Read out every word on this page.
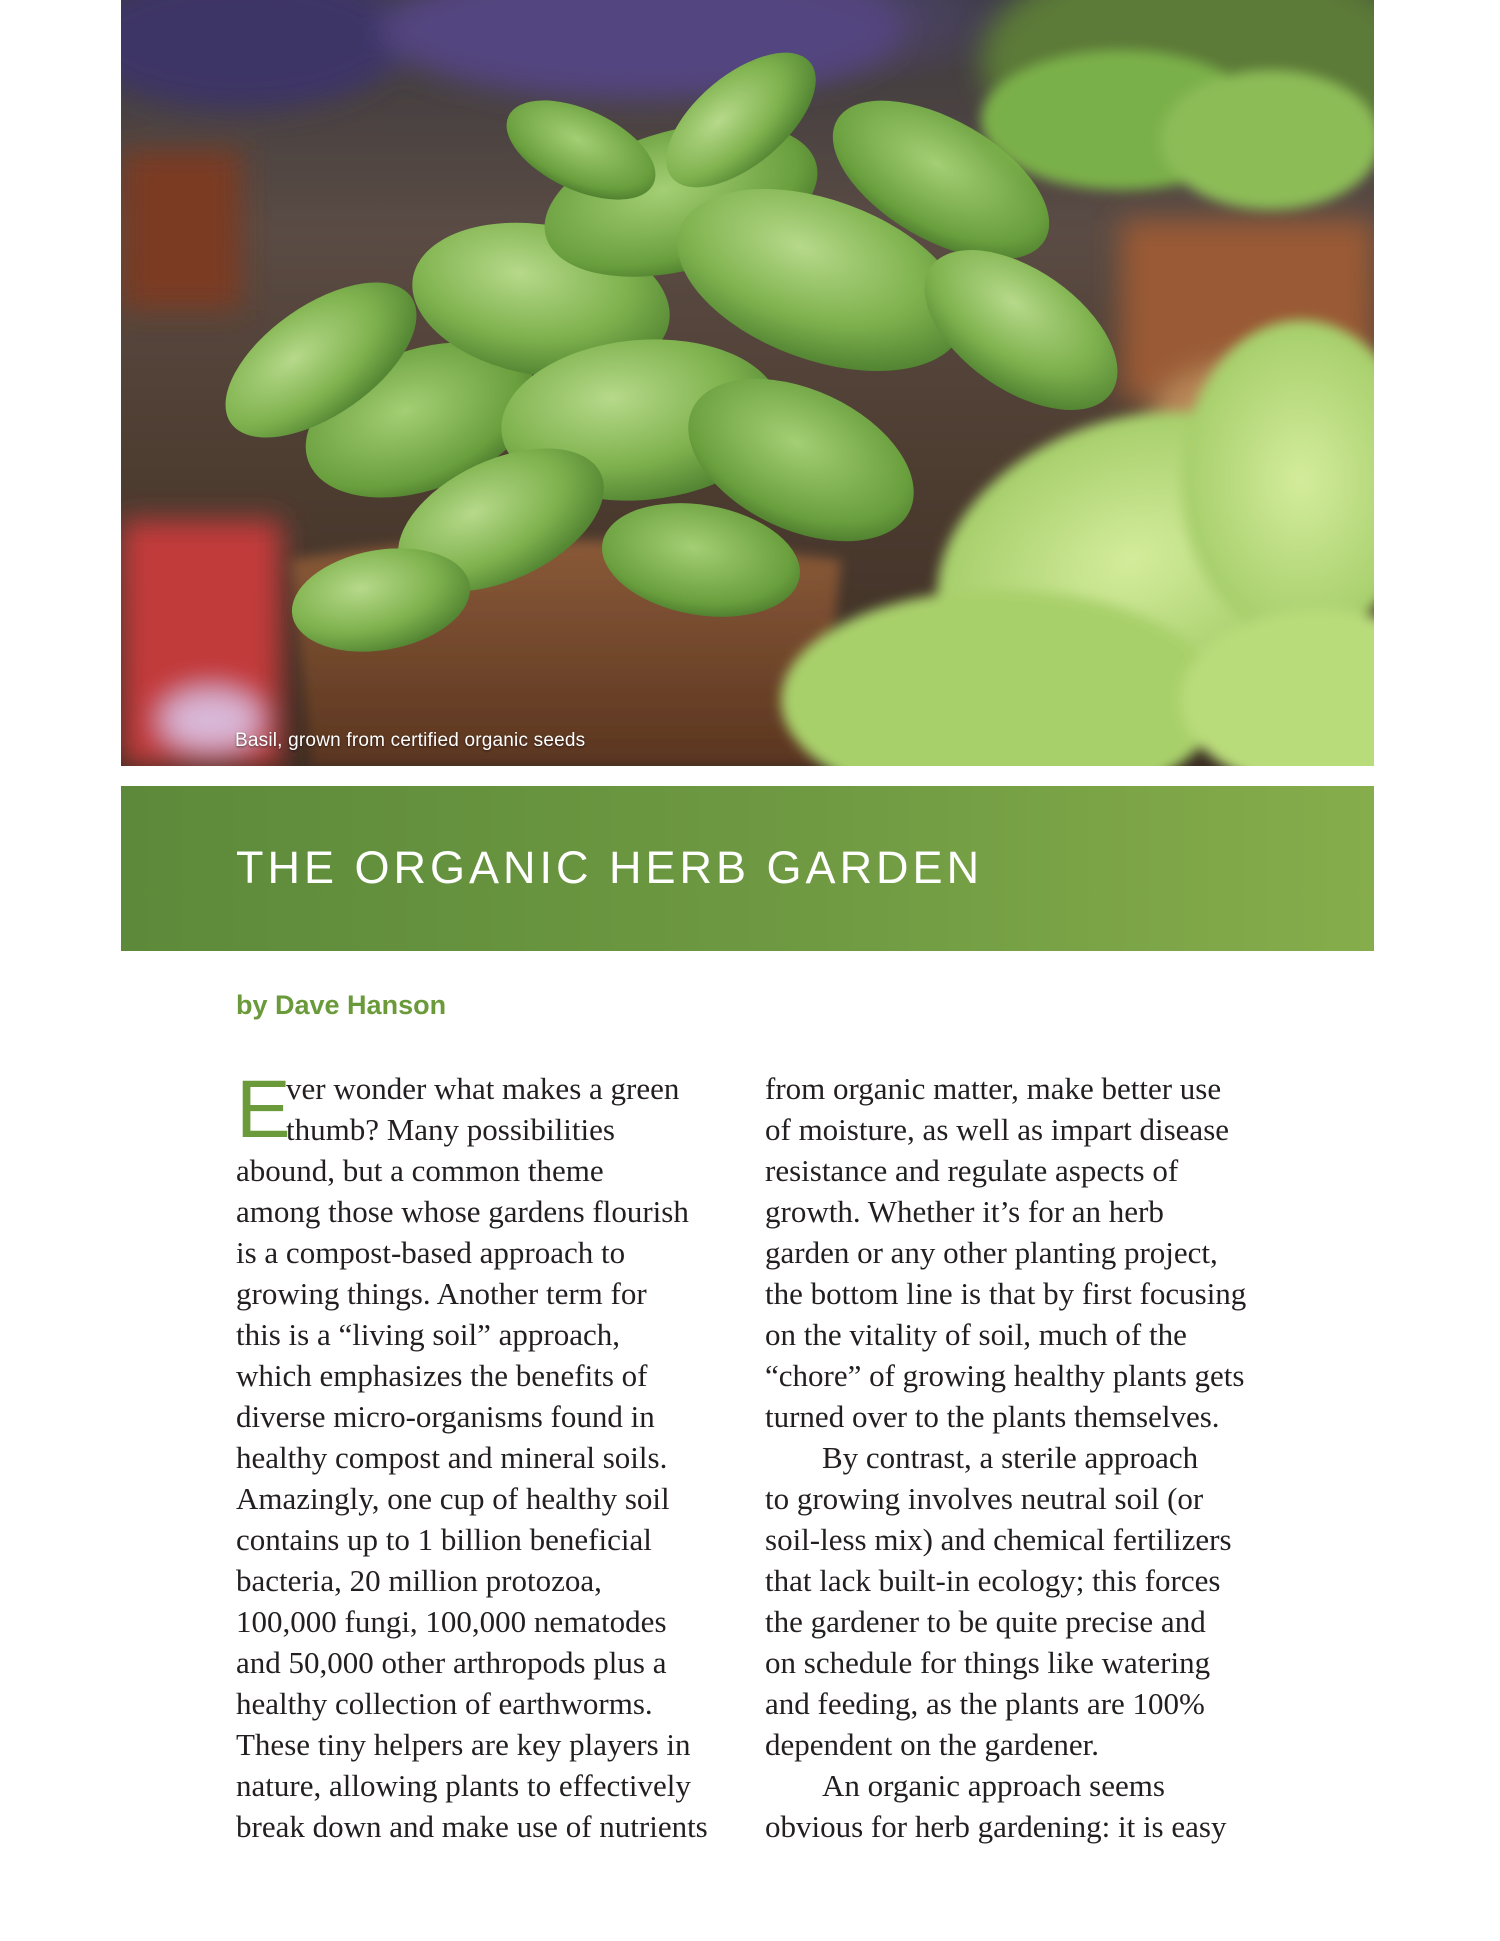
Basil, grown from certified organic seeds
THE ORGANIC HERB GARDEN
by Dave Hanson
E
ver wonder what makes a green
thumb? Many possibilities
abound, but a common theme
among those whose gardens flourish
is a compost-based approach to
growing things. Another term for
this is a “living soil” approach,
which emphasizes the benefits of
diverse micro-organisms found in
healthy compost and mineral soils.
Amazingly, one cup of healthy soil
contains up to 1 billion beneficial
bacteria, 20 million protozoa,
100,000 fungi, 100,000 nematodes
and 50,000 other arthropods plus a
healthy collection of earthworms.
These tiny helpers are key players in
nature, allowing plants to effectively
break down and make use of nutrients
from organic matter, make better use
of moisture, as well as impart disease
resistance and regulate aspects of
growth. Whether it’s for an herb
garden or any other planting project,
the bottom line is that by first focusing
on the vitality of soil, much of the
“chore” of growing healthy plants gets
turned over to the plants themselves.
By contrast, a sterile approach
to growing involves neutral soil (or
soil-less mix) and chemical fertilizers
that lack built-in ecology; this forces
the gardener to be quite precise and
on schedule for things like watering
and feeding, as the plants are 100%
dependent on the gardener.
An organic approach seems
obvious for herb gardening: it is easy
